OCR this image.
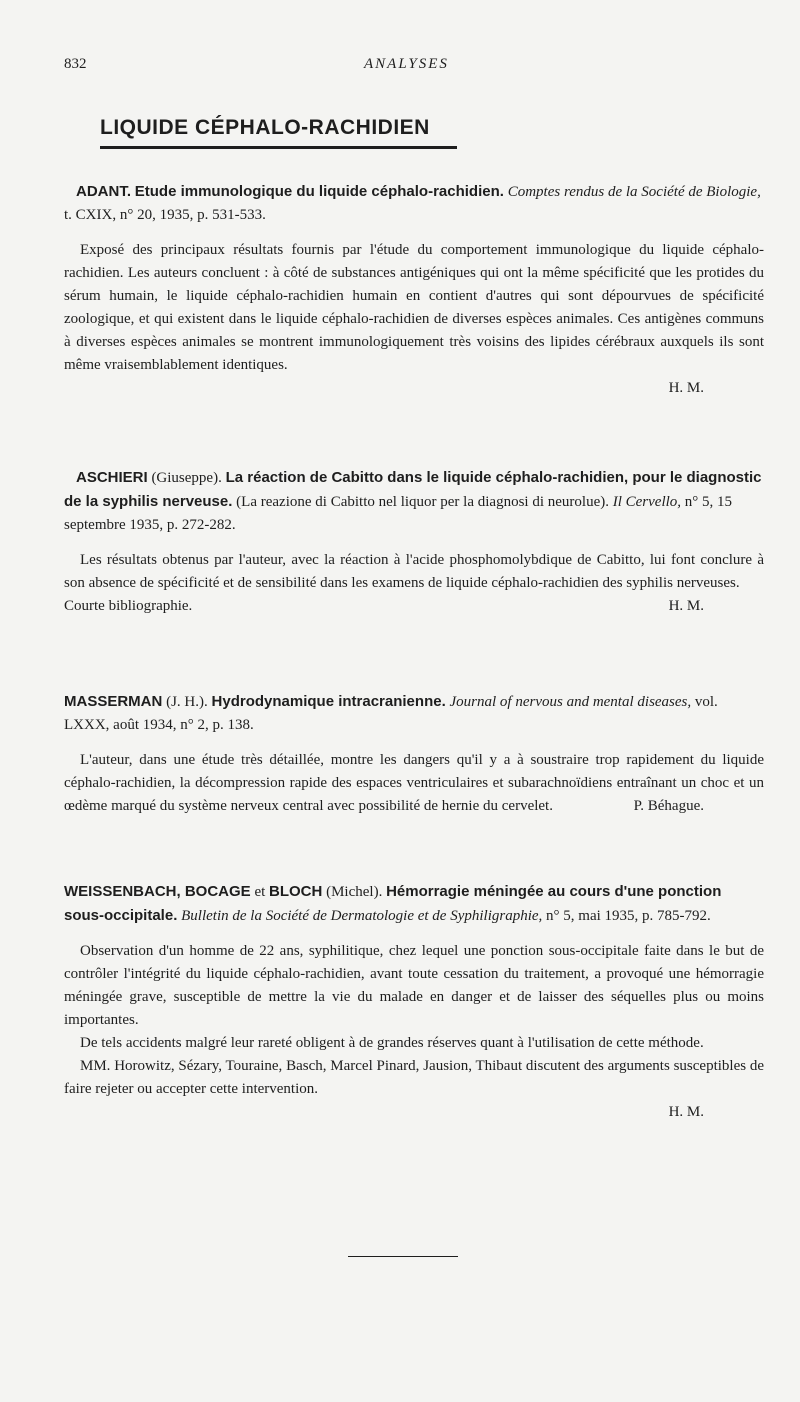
832	ANALYSES
LIQUIDE CÉPHALO-RACHIDIEN
ADANT. Etude immunologique du liquide céphalo-rachidien. Comptes rendus de la Société de Biologie, t. CXIX, n° 20, 1935, p. 531-533.

Exposé des principaux résultats fournis par l'étude du comportement immunologique du liquide céphalo-rachidien. Les auteurs concluent : à côté de substances antigéniques qui ont la même spécificité que les protides du sérum humain, le liquide céphalo-rachidien humain en contient d'autres qui sont dépourvues de spécificité zoologique, et qui existent dans le liquide céphalo-rachidien de diverses espèces animales. Ces antigènes communs à diverses espèces animales se montrent immunologiquement très voisins des lipides cérébraux auxquels ils sont même vraisemblablement identiques.

H. M.
ASCHIERI (Giuseppe). La réaction de Cabitto dans le liquide céphalo-rachidien, pour le diagnostic de la syphilis nerveuse. (La reazione di Cabitto nel liquor per la diagnosi di neurolue). Il Cervello, n° 5, 15 septembre 1935, p. 272-282.

Les résultats obtenus par l'auteur, avec la réaction à l'acide phosphomolybdique de Cabitto, lui font conclure à son absence de spécificité et de sensibilité dans les examens de liquide céphalo-rachidien des syphilis nerveuses.

Courte bibliographie.	H. M.
MASSERMAN (J. H.). Hydrodynamique intracranienne. Journal of nervous and mental diseases, vol. LXXX, août 1934, n° 2, p. 138.

L'auteur, dans une étude très détaillée, montre les dangers qu'il y a à soustraire trop rapidement du liquide céphalo-rachidien, la décompression rapide des espaces ventriculaires et subarachnoïdiens entraînant un choc et un œdème marqué du système nerveux central avec possibilité de hernie du cervelet.	P. Béhague.
WEISSENBACH, BOCAGE et BLOCH (Michel). Hémorragie méningée au cours d'une ponction sous-occipitale. Bulletin de la Société de Dermatologie et de Syphiligraphie, n° 5, mai 1935, p. 785-792.

Observation d'un homme de 22 ans, syphilitique, chez lequel une ponction sous-occipitale faite dans le but de contrôler l'intégrité du liquide céphalo-rachidien, avant toute cessation du traitement, a provoqué une hémorragie méningée grave, susceptible de mettre la vie du malade en danger et de laisser des séquelles plus ou moins importantes.

De tels accidents malgré leur rareté obligent à de grandes réserves quant à l'utilisation de cette méthode.

MM. Horowitz, Sézary, Touraine, Basch, Marcel Pinard, Jausion, Thibaut discutent des arguments susceptibles de faire rejeter ou accepter cette intervention.

H. M.
